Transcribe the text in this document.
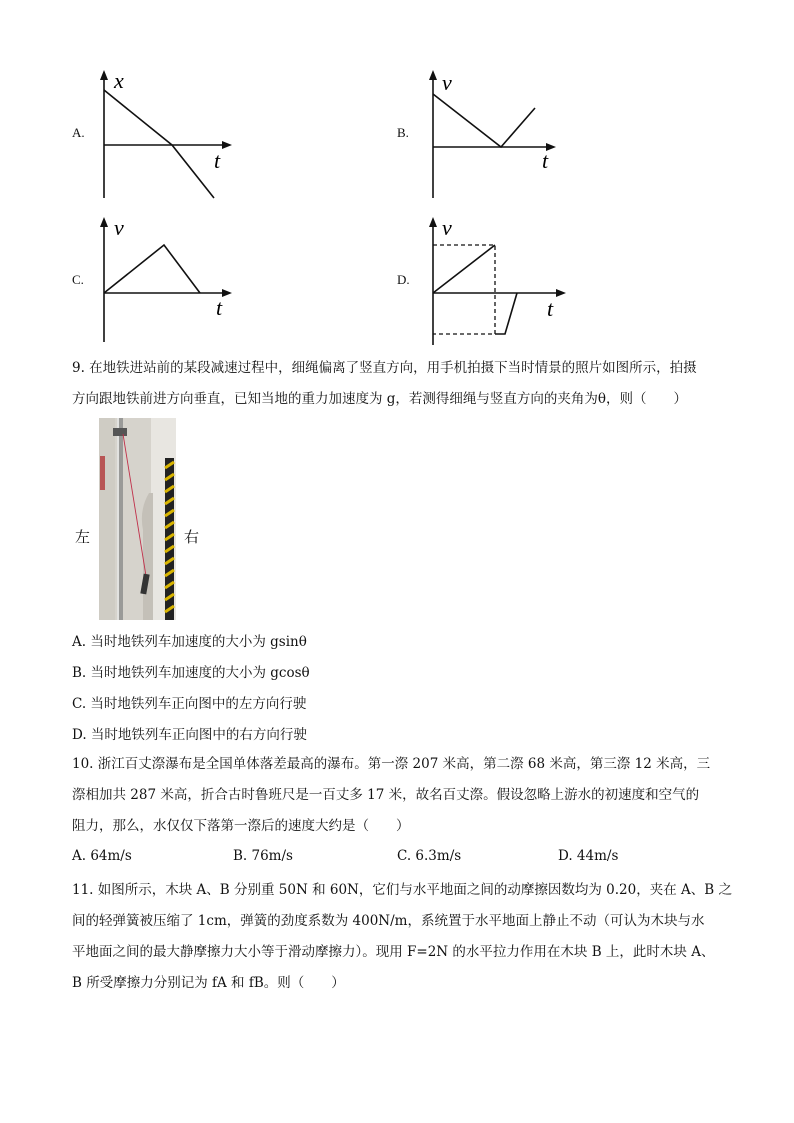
A.
x
t
B.
v
t
C.
v
t
D.
v
t
9. 在地铁进站前的某段减速过程中，细绳偏离了竖直方向，用手机拍摄下当时情景的照片如图所示，拍摄
方向跟地铁前进方向垂直，已知当地的重力加速度为 g，若测得细绳与竖直方向的夹角为θ，则（　　）
左	右
A. 当时地铁列车加速度的大小为 gsinθ
B. 当时地铁列车加速度的大小为 gcosθ
C. 当时地铁列车正向图中的左方向行驶
D. 当时地铁列车正向图中的右方向行驶
10. 浙江百丈漈瀑布是全国单体落差最高的瀑布。第一漈 207 米高，第二漈 68 米高，第三漈 12 米高，三
漈相加共 287 米高，折合古时鲁班尺是一百丈多 17 米，故名百丈漈。假设忽略上游水的初速度和空气的
阻力，那么，水仅仅下落第一漈后的速度大约是（　　）
A. 64m/s	B. 76m/s	C. 6.3m/s	D. 44m/s
11. 如图所示，木块 A、B 分别重 50N 和 60N，它们与水平地面之间的动摩擦因数均为 0.20，夹在 A、B 之
间的轻弹簧被压缩了 1cm，弹簧的劲度系数为 400N/m，系统置于水平地面上静止不动（可认为木块与水
平地面之间的最大静摩擦力大小等于滑动摩擦力）。现用 F=2N 的水平拉力作用在木块 B 上，此时木块 A、
B 所受摩擦力分别记为 fA 和 fB。则（　　）
